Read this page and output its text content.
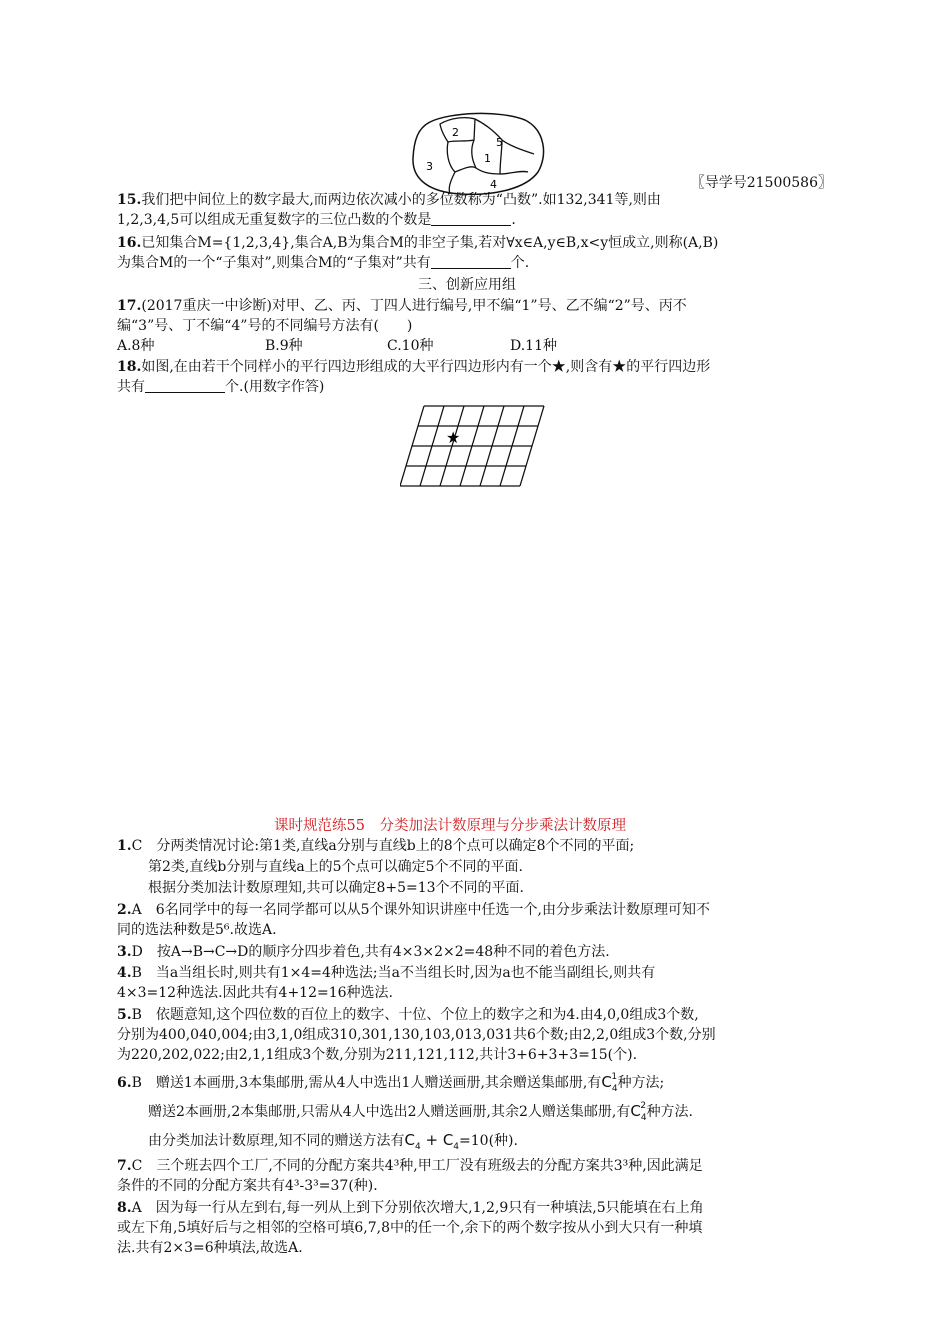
2
5
1
3
4	〖导学号21500586〗
15.我们把中间位上的数字最大,而两边依次减小的多位数称为“凸数”.如132,341等,则由
1,2,3,4,5可以组成无重复数字的三位凸数的个数是	.
16.已知集合M={1,2,3,4},集合A,B为集合M的非空子集,若对∀x∈A,y∈B,x<y恒成立,则称(A,B)
为集合M的一个“子集对”,则集合M的“子集对”共有	个.
三、创新应用组
17.(2017重庆一中诊断)对甲、乙、丙、丁四人进行编号,甲不编“1”号、乙不编“2”号、丙不
编“3”号、丁不编“4”号的不同编号方法有(　　)
A.8种	B.9种	C.10种	D.11种
18.如图,在由若干个同样小的平行四边形组成的大平行四边形内有一个★,则含有★的平行四边形
共有	个.(用数字作答)
★
课时规范练55　分类加法计数原理与分步乘法计数原理
1.C　分两类情况讨论:第1类,直线a分别与直线b上的8个点可以确定8个不同的平面;
第2类,直线b分别与直线a上的5个点可以确定5个不同的平面.
根据分类加法计数原理知,共可以确定8+5=13个不同的平面.
2.A　6名同学中的每一名同学都可以从5个课外知识讲座中任选一个,由分步乘法计数原理可知不
同的选法种数是5⁶.故选A.
3.D　按A→B→C→D的顺序分四步着色,共有4×3×2×2=48种不同的着色方法.
4.B　当a当组长时,则共有1×4=4种选法;当a不当组长时,因为a也不能当副组长,则共有
4×3=12种选法.因此共有4+12=16种选法.
5.B　依题意知,这个四位数的百位上的数字、十位、个位上的数字之和为4.由4,0,0组成3个数,
分别为400,040,004;由3,1,0组成310,301,130,103,013,031共6个数;由2,2,0组成3个数,分别
为220,202,022;由2,1,1组成3个数,分别为211,121,112,共计3+6+3+3=15(个).
6.B　赠送1本画册,3本集邮册,需从4人中选出1人赠送画册,其余赠送集邮册,有$C_4$
1 种方法;
赠送2本画册,2本集邮册,只需从4人中选出2人赠送画册,其余2人赠送集邮册,有$C_4$
2 种方法.
由分类加法计数原理,知不同的赠送方法有$C_4 + C_4=10$(种).
7.C　三个班去四个工厂,不同的分配方案共4³种,甲工厂没有班级去的分配方案共3³种,因此满足
条件的不同的分配方案共有4³-3³=37(种).
8.A　因为每一行从左到右,每一列从上到下分别依次增大,1,2,9只有一种填法,5只能填在右上角
或左下角,5填好后与之相邻的空格可填6,7,8中的任一个,余下的两个数字按从小到大只有一种填
法.共有2×3=6种填法,故选A.
